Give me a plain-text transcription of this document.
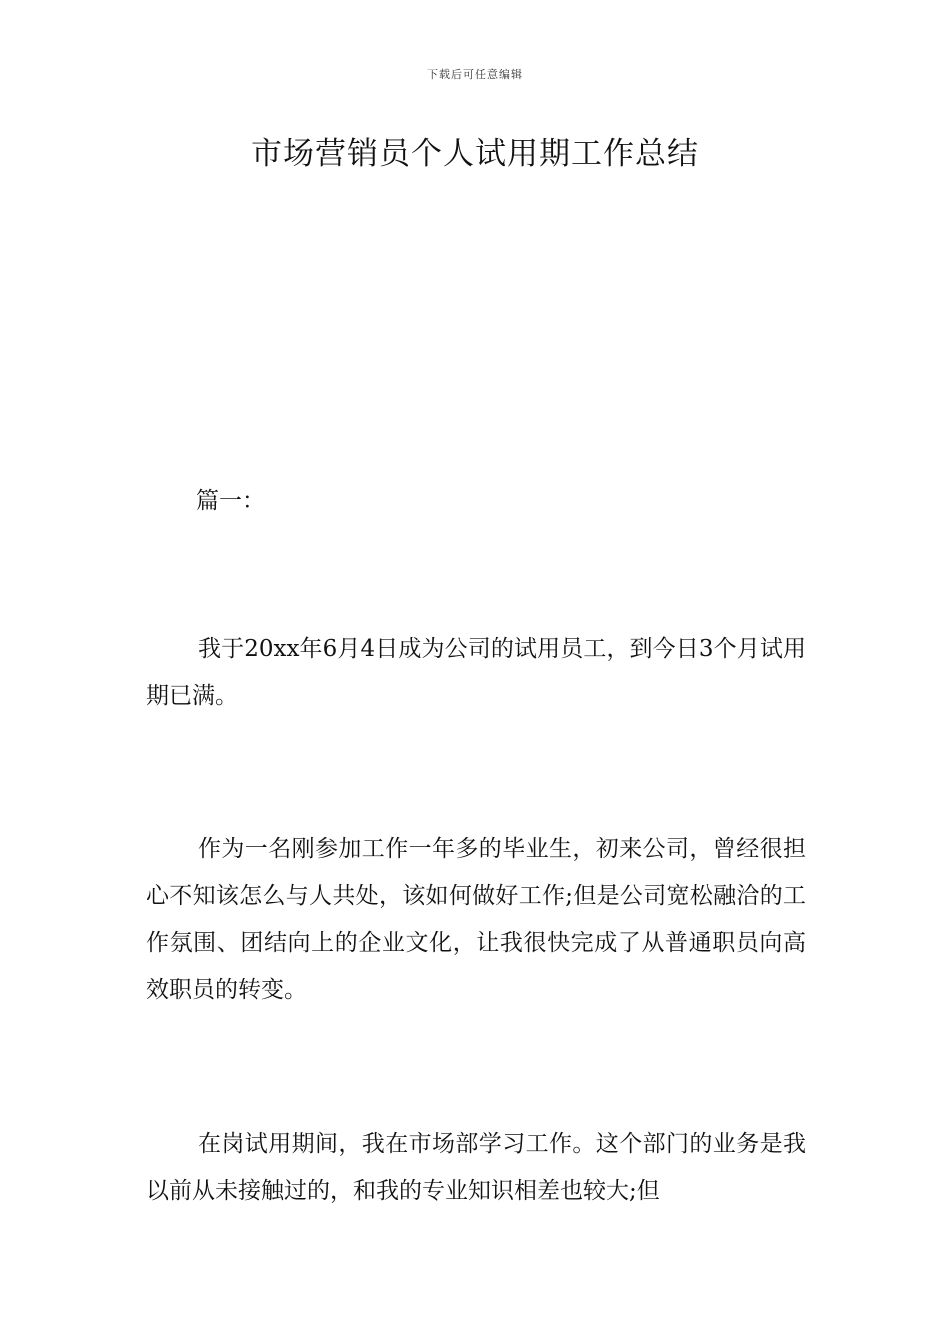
下载后可任意编辑
市场营销员个人试用期工作总结

篇一：

我于20xx年6月4日成为公司的试用员工，到今日3个月试用期已满。

作为一名刚参加工作一年多的毕业生，初来公司，曾经很担心不知该怎么与人共处，该如何做好工作;但是公司宽松融洽的工作氛围、团结向上的企业文化，让我很快完成了从普通职员向高效职员的转变。

在岗试用期间，我在市场部学习工作。这个部门的业务是我以前从未接触过的，和我的专业知识相差也较大;但
